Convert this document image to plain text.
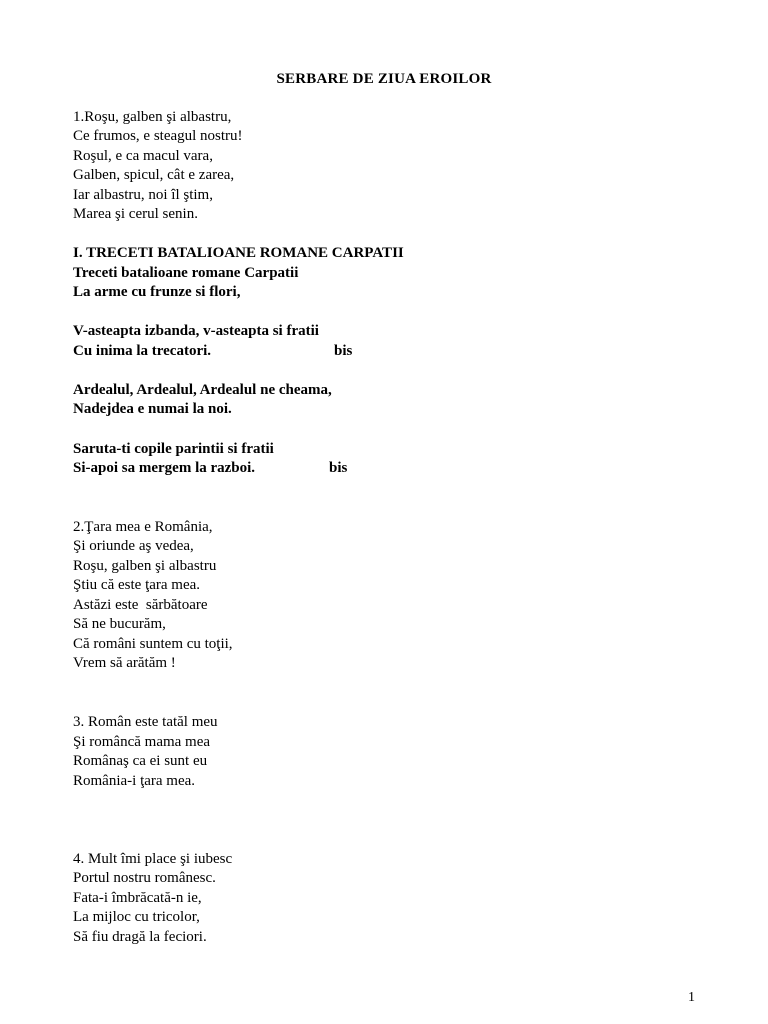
SERBARE DE ZIUA EROILOR
1.Roşu, galben şi albastru,
Ce frumos, e steagul nostru!
Roşul, e ca macul vara,
Galben, spicul, cât e zarea,
Iar albastru, noi îl ştim,
Marea şi cerul senin.
I. TRECETI BATALIOANE ROMANE CARPATII
Treceti batalioane romane Carpatii
La arme cu frunze si flori,
V-asteapta izbanda, v-asteapta si fratii
Cu inima la trecatori.	bis
Ardealul, Ardealul, Ardealul ne cheama,
Nadejdea e numai la noi.
Saruta-ti copile parintii si fratii
Si-apoi sa mergem la razboi.	bis
2.Ţara mea e România,
Şi oriunde aş vedea,
Roşu, galben şi albastru
Ştiu că este ţara mea.
Astăzi este  sărbătoare
Să ne bucurăm,
Că români suntem cu toţii,
Vrem să arătăm !
3. Român este tatăl meu
Şi româncă mama mea
Românaş ca ei sunt eu
România-i ţara mea.
4. Mult îmi place şi iubesc
Portul nostru românesc.
Fata-i îmbrăcată-n ie,
La mijloc cu tricolor,
Să fiu dragă la feciori.
1
